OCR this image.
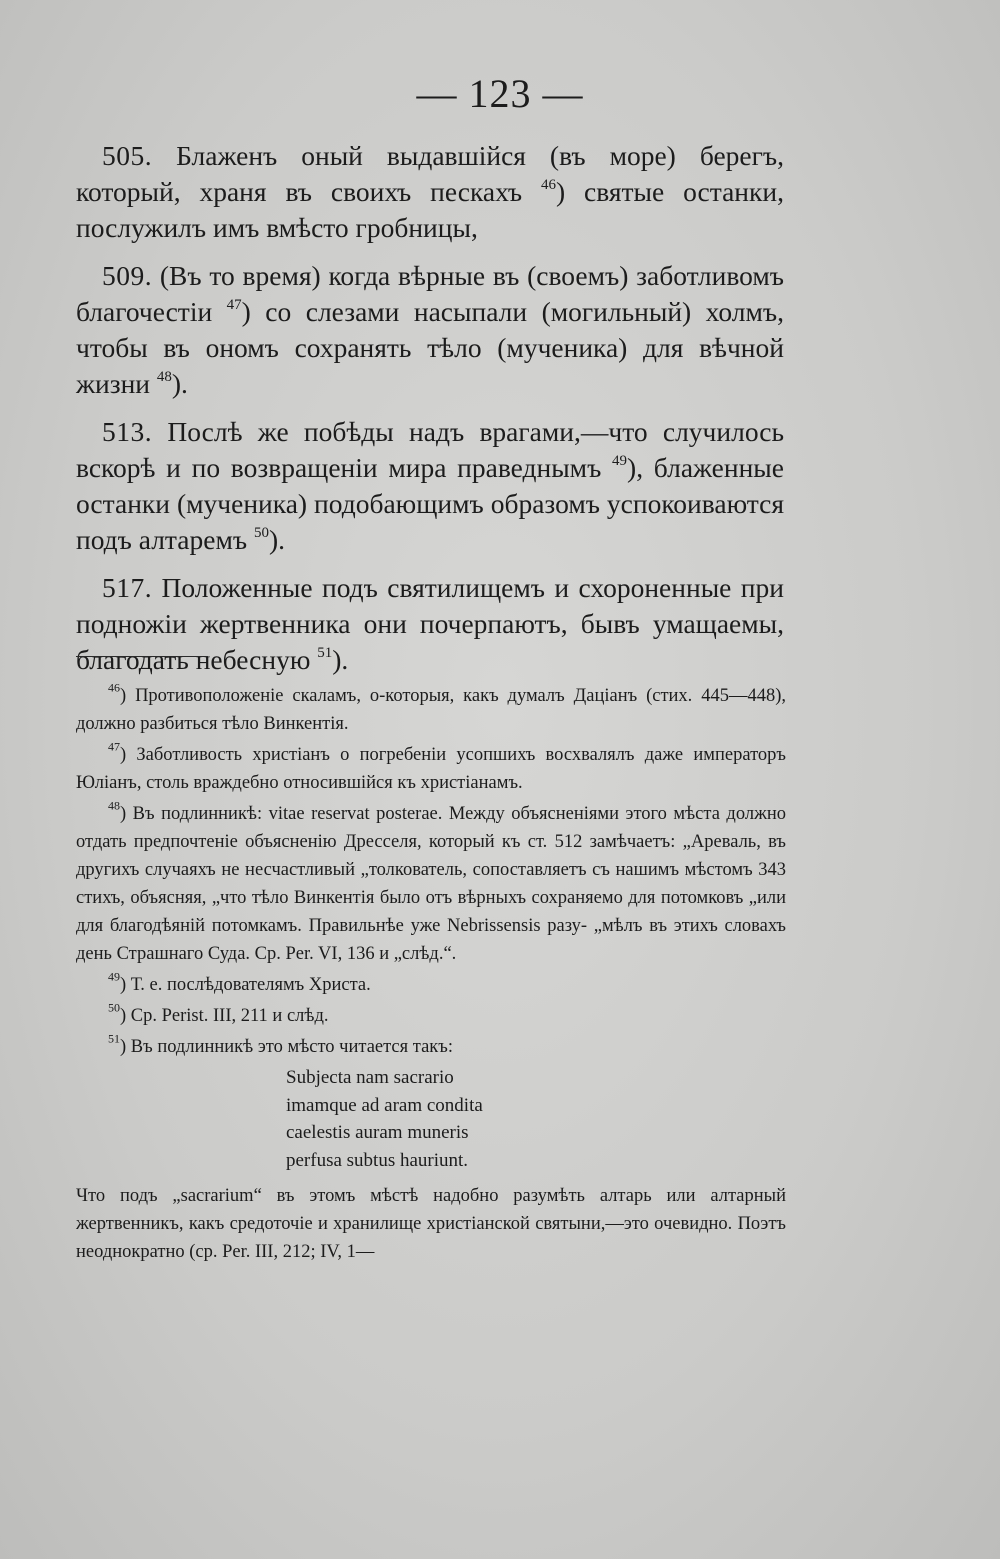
— 123 —

505. Блаженъ оный выдавшійся (въ море) берегъ, который, храня въ своихъ пескахъ $^{46}$) святые останки, послужилъ имъ вмѣсто гробницы,

509. (Въ то время) когда вѣрные въ (своемъ) заботливомъ благочестіи $^{47}$) со слезами насыпали (могильный) холмъ, чтобы въ ономъ сохранять тѣло (мученика) для вѣчной жизни $^{48}$).

513. Послѣ же побѣды надъ врагами,—что случилось вскорѣ и по возвращеніи мира праведнымъ $^{49}$), блаженные останки (мученика) подобающимъ образомъ успокоиваются подъ алтаремъ $^{50}$).

517. Положенные подъ святилищемъ и схороненные при подножіи жертвенника они почерпаютъ, бывъ умащаемы, благодать небесную $^{51}$).

$^{46}$) Противоположеніе скаламъ, о-которыя, какъ думалъ Даціанъ (стих. 445—448), должно разбиться тѣло Винкентія.

$^{47}$) Заботливость христіанъ о погребеніи усопшихъ восхвалялъ даже императоръ Юліанъ, столь враждебно относившійся къ христіанамъ.

$^{48}$) Въ подлинникѣ: vitae reservat posterae. Между объясненіями этого мѣста должно отдать предпочтеніе объясненію Дресселя, который къ ст. 512 замѣчаетъ: „Ареваль, въ другихъ случаяхъ не несчастливый „толкователь, сопоставляетъ съ нашимъ мѣстомъ 343 стихъ, объясняя, „что тѣло Винкентія было отъ вѣрныхъ сохраняемо для потомковъ „или для благодѣяній потомкамъ. Правильнѣе уже Nebrissensis разу- „мѣлъ въ этихъ словахъ день Страшнаго Суда. Ср. Per. VI, 136 и „слѣд.“.

$^{49}$) Т. е. послѣдователямъ Христа.

$^{50}$) Ср. Perist. III, 211 и слѣд.

$^{51}$) Въ подлинникѣ это мѣсто читается такъ:

Subjecta nam sacrario
imamque ad aram condita
caelestis auram muneris
perfusa subtus hauriunt.

Что подъ „sacrarium“ въ этомъ мѣстѣ надобно разумѣть алтарь или алтарный жертвенникъ, какъ средоточіе и хранилище христіанской святыни,—это очевидно. Поэтъ неоднократно (ср. Per. III, 212; IV, 1—
